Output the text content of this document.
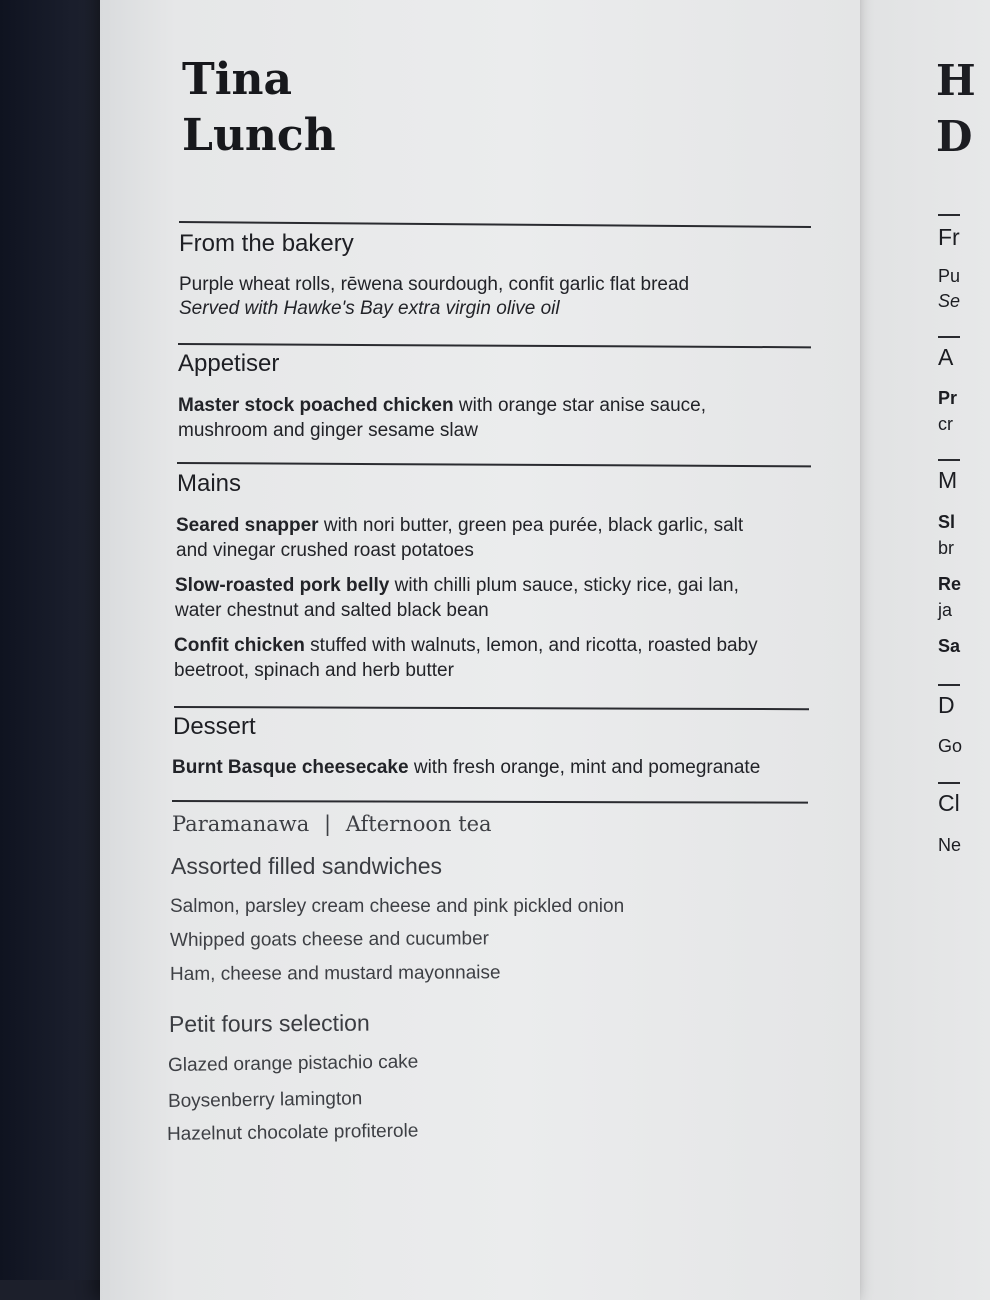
Tina
Lunch
From the bakery
Purple wheat rolls, rēwena sourdough, confit garlic flat bread
Served with Hawke's Bay extra virgin olive oil
Appetiser
Master stock poached chicken with orange star anise sauce,
mushroom and ginger sesame slaw
Mains
Seared snapper with nori butter, green pea purée, black garlic, salt
and vinegar crushed roast potatoes
Slow-roasted pork belly with chilli plum sauce, sticky rice, gai lan,
water chestnut and salted black bean
Confit chicken stuffed with walnuts, lemon, and ricotta, roasted baby
beetroot, spinach and herb butter
Dessert
Burnt Basque cheesecake with fresh orange, mint and pomegranate
Paramanawa | Afternoon tea
Assorted filled sandwiches
Salmon, parsley cream cheese and pink pickled onion
Whipped goats cheese and cucumber
Ham, cheese and mustard mayonnaise
Petit fours selection
Glazed orange pistachio cake
Boysenberry lamington
Hazelnut chocolate profiterole
H
D
Fr
Pu
Se
A
Pr
cr
M
Sl
br
Re
ja
Sa
D
Go
Cl
Ne
